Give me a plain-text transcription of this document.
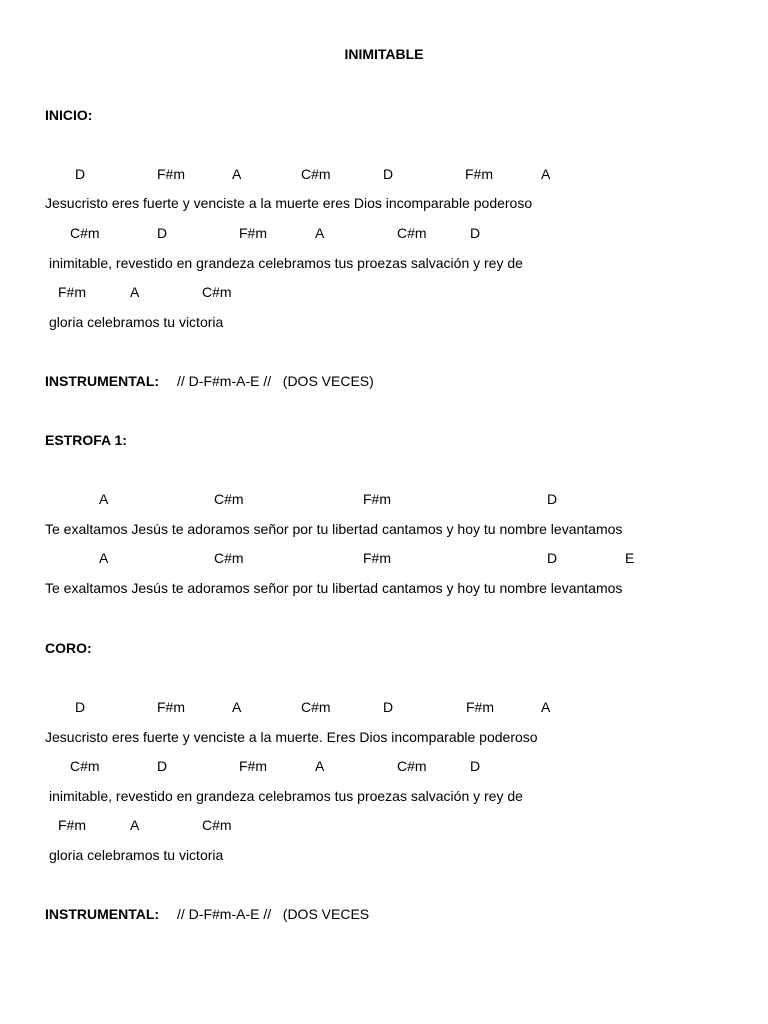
INIMITABLE

INICIO:

D

	F#m

	A

	C#m

	D

	F#m

	A

Jesucristo eres fuerte y venciste a la muerte eres Dios incomparable poderoso

C#m

	D

	F#m

	A

	C#m

	D

inimitable, revestido en grandeza celebramos tus proezas salvación y rey de

F#m

	A

	C#m

gloria celebramos tu victoria

INSTRUMENTAL:

// D-F#m-A-E //   (DOS VECES)

ESTROFA 1:

A

	C#m

	F#m

	D

Te exaltamos Jesús te adoramos señor por tu libertad cantamos y hoy tu nombre levantamos

A

	C#m

	F#m

	D

	E

Te exaltamos Jesús te adoramos señor por tu libertad cantamos y hoy tu nombre levantamos

CORO:

D

	F#m

	A

	C#m

	D

	F#m

	A

Jesucristo eres fuerte y venciste a la muerte. Eres Dios incomparable poderoso

C#m

	D

	F#m

	A

	C#m

	D

inimitable, revestido en grandeza celebramos tus proezas salvación y rey de

F#m

	A

	C#m

gloria celebramos tu victoria

INSTRUMENTAL:

// D-F#m-A-E //   (DOS VECES
